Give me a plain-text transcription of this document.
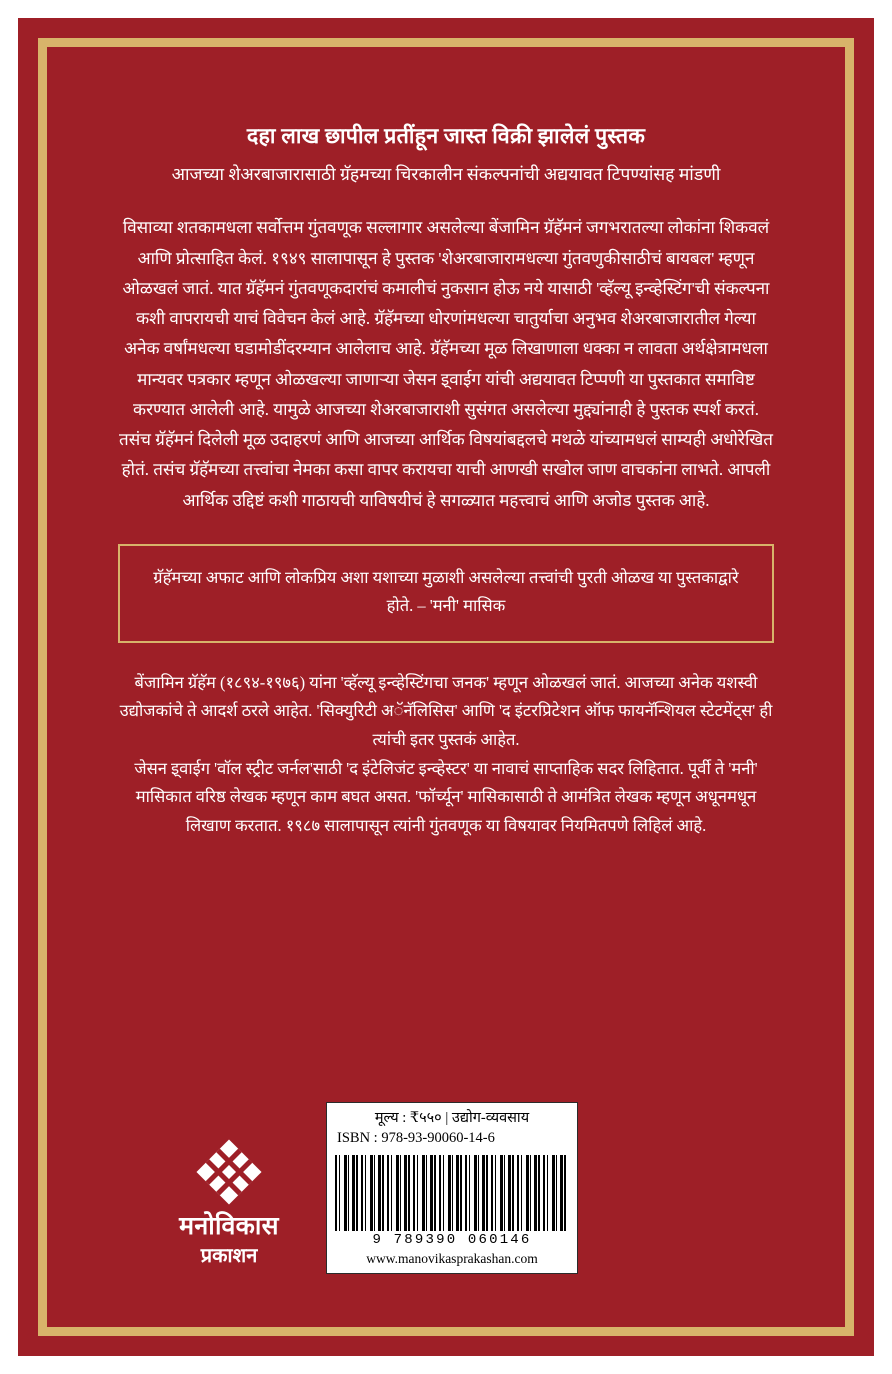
दहा लाख छापील प्रतींहून जास्त विक्री झालेलं पुस्तक

आजच्या शेअरबाजारासाठी ग्रॅहमच्या चिरकालीन संकल्पनांची अद्ययावत टिपण्यांसह मांडणी

विसाव्या शतकामधला सर्वोत्तम गुंतवणूक सल्लागार असलेल्या बेंजामिन ग्रॅहॅमनं जगभरातल्या लोकांना शिकवलं आणि प्रोत्साहित केलं. १९४९ सालापासून हे पुस्तक 'शेअरबाजारामधल्या गुंतवणुकीसाठीचं बायबल' म्हणून ओळखलं जातं. यात ग्रॅहॅमनं गुंतवणूकदारांचं कमालीचं नुकसान होऊ नये यासाठी 'व्हॅल्यू इन्व्हेस्टिंग'ची संकल्पना कशी वापरायची याचं विवेचन केलं आहे. ग्रॅहॅमच्या धोरणांमधल्या चातुर्याचा अनुभव शेअरबाजारातील गेल्या अनेक वर्षांमधल्या घडामोडींदरम्यान आलेलाच आहे. ग्रॅहॅमच्या मूळ लिखाणाला धक्का न लावता अर्थक्षेत्रामधला मान्यवर पत्रकार म्हणून ओळखल्या जाणाऱ्या जेसन इ्वाईग यांची अद्ययावत टिप्पणी या पुस्तकात समाविष्ट करण्यात आलेली आहे. यामुळे आजच्या शेअरबाजाराशी सुसंगत असलेल्या मुद्द्यांनाही हे पुस्तक स्पर्श करतं. तसंच ग्रॅहॅमनं दिलेली मूळ उदाहरणं आणि आजच्या आर्थिक विषयांबद्दलचे मथळे यांच्यामधलं साम्यही अधोरेखित होतं. तसंच ग्रॅहॅमच्या तत्त्वांचा नेमका कसा वापर करायचा याची आणखी सखोल जाण वाचकांना लाभते. आपली आर्थिक उद्दिष्टं कशी गाठायची याविषयीचं हे सगळ्यात महत्त्वाचं आणि अजोड पुस्तक आहे.

ग्रॅहॅमच्या अफाट आणि लोकप्रिय अशा यशाच्या मुळाशी असलेल्या तत्त्वांची पुरती ओळख या पुस्तकाद्वारे होते. – 'मनी' मासिक

बेंजामिन ग्रॅहॅम (१८९४-१९७६) यांना 'व्हॅल्यू इन्व्हेस्टिंगचा जनक' म्हणून ओळखलं जातं. आजच्या अनेक यशस्वी उद्योजकांचे ते आदर्श ठरले आहेत. 'सिक्युरिटी अॅनॅलिसिस' आणि 'द इंटरप्रिटेशन ऑफ फायनॅन्शियल स्टेटमेंट्स' ही त्यांची इतर पुस्तकं आहेत.

जेसन इ्वाईग 'वॉल स्ट्रीट जर्नल'साठी 'द इंटेलिजंट इन्व्हेस्टर' या नावाचं साप्ताहिक सदर लिहितात. पूर्वी ते 'मनी' मासिकात वरिष्ठ लेखक म्हणून काम बघत असत. 'फॉर्च्यून' मासिकासाठी ते आमंत्रित लेखक म्हणून अधूनमधून लिखाण करतात. १९८७ सालापासून त्यांनी गुंतवणूक या विषयावर नियमितपणे लिहिलं आहे.

मनोविकास
प्रकाशन
मूल्य : ₹५५० | उद्योग-व्यवसाय
ISBN : 978-93-90060-14-6
9 789390 060146
www.manovikasprakashan.com
